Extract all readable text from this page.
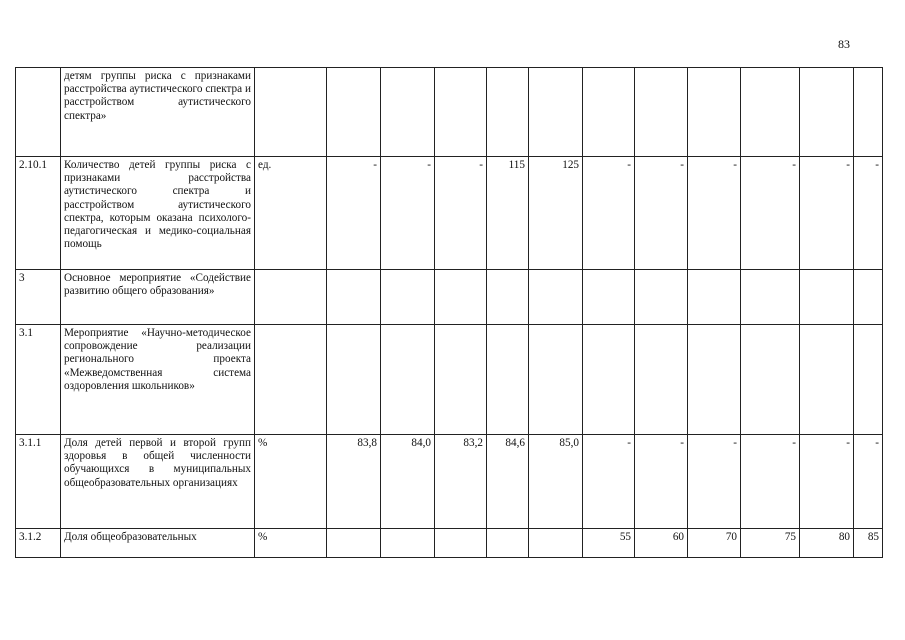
83
	детям группы риска с признаками расстройства аутистического спектра и расстройством аутистического спектра»												
2.10.1	Количество детей группы риска с признаками расстройства аутистического спектра и расстройством аутистического спектра, которым оказана психолого-педагогическая и медико-социальная помощь	ед.	-	-	-	115	125	-	-	-	-	-	-
3	Основное мероприятие «Содействие развитию общего образования»												
3.1	Мероприятие «Научно-методическое сопровождение реализации регионального проекта «Межведомственная система оздоровления школьников»												
3.1.1	Доля детей первой и второй групп здоровья в общей численности обучающихся в муниципальных общеобразовательных организациях	%	83,8	84,0	83,2	84,6	85,0	-	-	-	-	-	-
3.1.2	Доля общеобразовательных	%						55	60	70	75	80	85
